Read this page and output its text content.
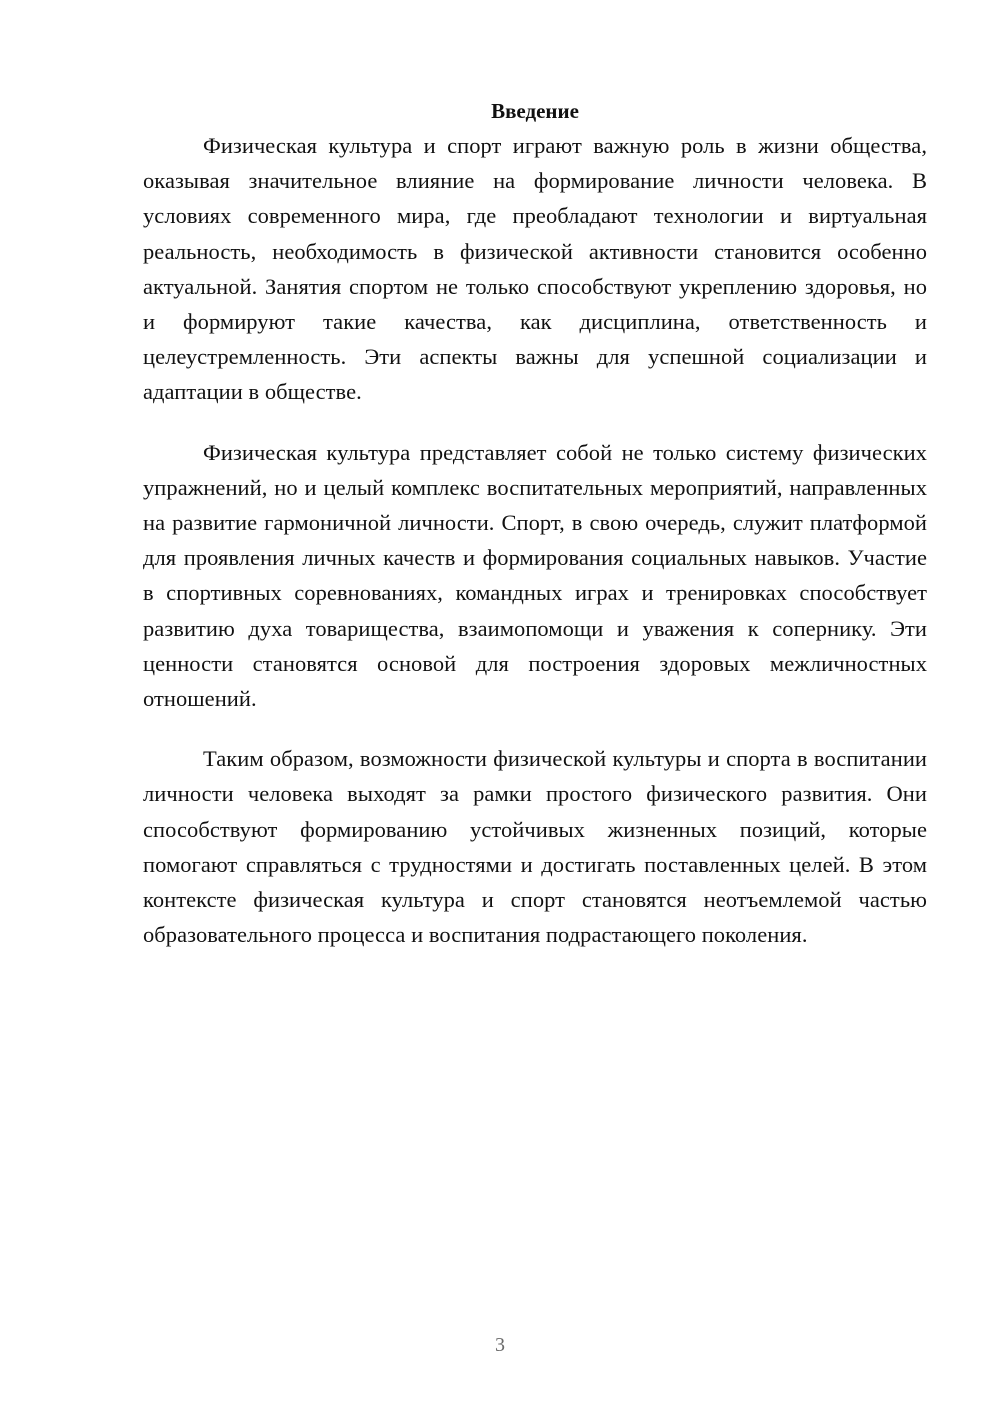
Введение

Физическая культура и спорт играют важную роль в жизни общества, оказывая значительное влияние на формирование личности человека. В условиях современного мира, где преобладают технологии и виртуальная реальность, необходимость в физической активности становится особенно актуальной. Занятия спортом не только способствуют укреплению здоровья, но и формируют такие качества, как дисциплина, ответственность и целеустремленность. Эти аспекты важны для успешной социализации и адаптации в обществе.

Физическая культура представляет собой не только систему физических упражнений, но и целый комплекс воспитательных мероприятий, направленных на развитие гармоничной личности. Спорт, в свою очередь, служит платформой для проявления личных качеств и формирования социальных навыков. Участие в спортивных соревнованиях, командных играх и тренировках способствует развитию духа товарищества, взаимопомощи и уважения к сопернику. Эти ценности становятся основой для построения здоровых межличностных отношений.

Таким образом, возможности физической культуры и спорта в воспитании личности человека выходят за рамки простого физического развития. Они способствуют формированию устойчивых жизненных позиций, которые помогают справляться с трудностями и достигать поставленных целей. В этом контексте физическая культура и спорт становятся неотъемлемой частью образовательного процесса и воспитания подрастающего поколения.

3
